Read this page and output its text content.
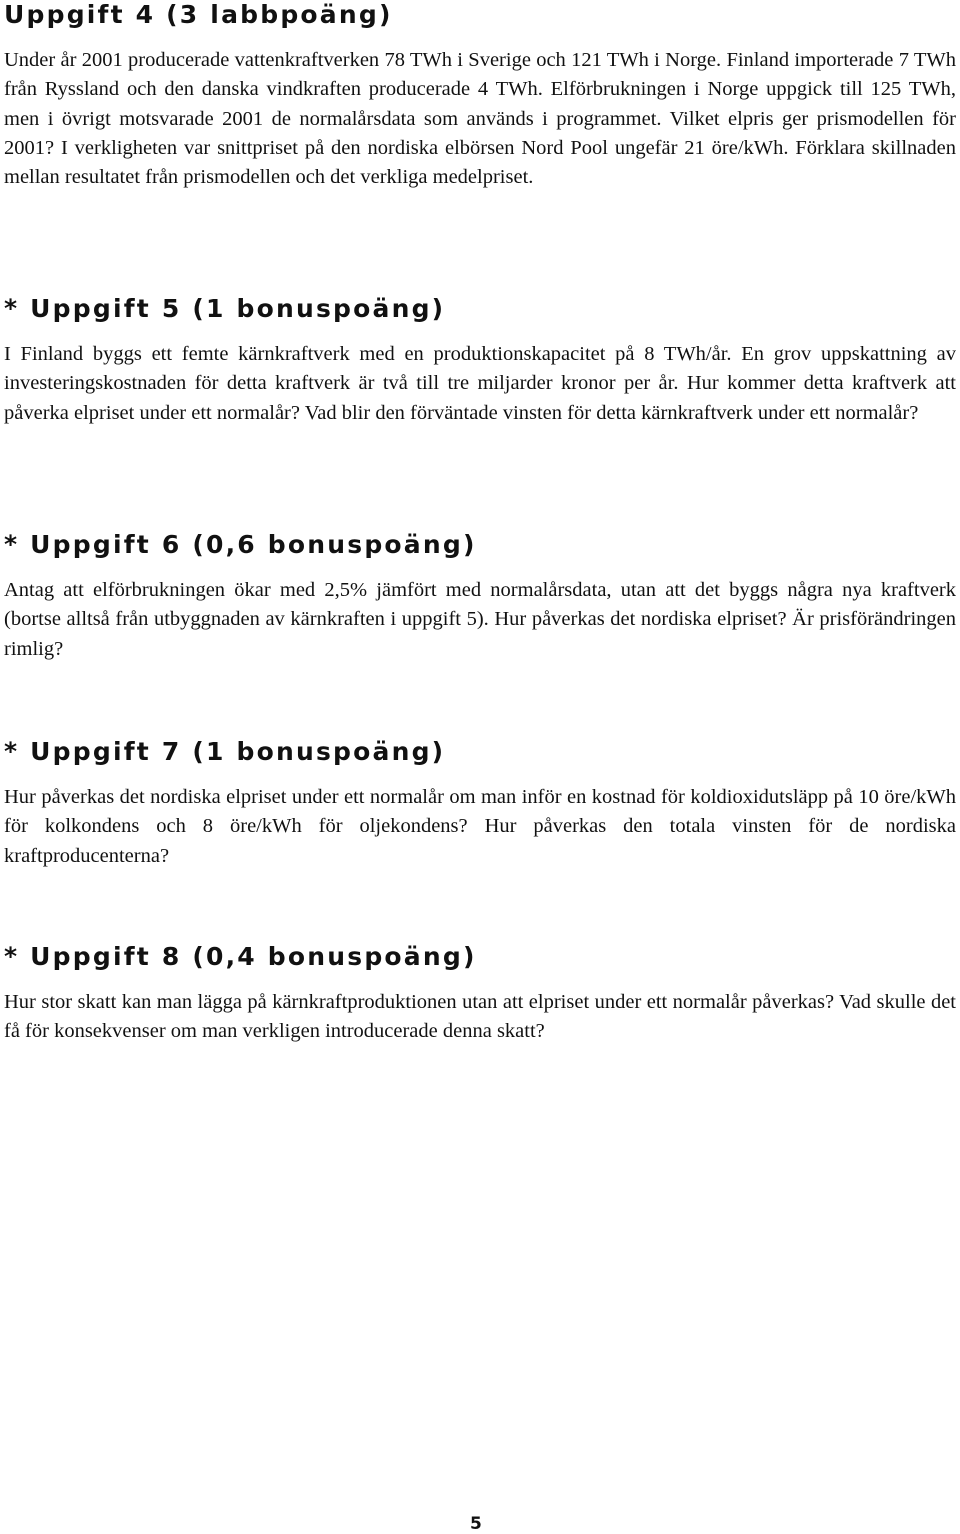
Uppgift 4 (3 labbpoäng)

Under år 2001 producerade vattenkraftverken 78 TWh i Sverige och 121 TWh i Norge. Finland importerade 7 TWh från Ryssland och den danska vindkraften producerade 4 TWh. Elförbrukningen i Norge uppgick till 125 TWh, men i övrigt motsvarade 2001 de normalårsdata som används i programmet. Vilket elpris ger prismodellen för 2001? I verkligheten var snittpriset på den nordiska elbörsen Nord Pool ungefär 21 öre/kWh. Förklara skillnaden mellan resultatet från prismodellen och det verkliga medelpriset.

* Uppgift 5 (1 bonuspoäng)

I Finland byggs ett femte kärnkraftverk med en produktionskapacitet på 8 TWh/år. En grov uppskattning av investeringskostnaden för detta kraftverk är två till tre miljarder kronor per år. Hur kommer detta kraftverk att påverka elpriset under ett normalår? Vad blir den förväntade vinsten för detta kärnkraftverk under ett normalår?

* Uppgift 6 (0,6 bonuspoäng)

Antag att elförbrukningen ökar med 2,5% jämfört med normalårsdata, utan att det byggs några nya kraftverk (bortse alltså från utbyggnaden av kärnkraften i uppgift 5). Hur påverkas det nordiska elpriset? Är prisförändringen rimlig?

* Uppgift 7 (1 bonuspoäng)

Hur påverkas det nordiska elpriset under ett normalår om man inför en kostnad för koldioxidutsläpp på 10 öre/kWh för kolkondens och 8 öre/kWh för oljekondens? Hur påverkas den totala vinsten för de nordiska kraftproducenterna?

* Uppgift 8 (0,4 bonuspoäng)

Hur stor skatt kan man lägga på kärnkraftproduktionen utan att elpriset under ett normalår påverkas? Vad skulle det få för konsekvenser om man verkligen introducerade denna skatt?

5
